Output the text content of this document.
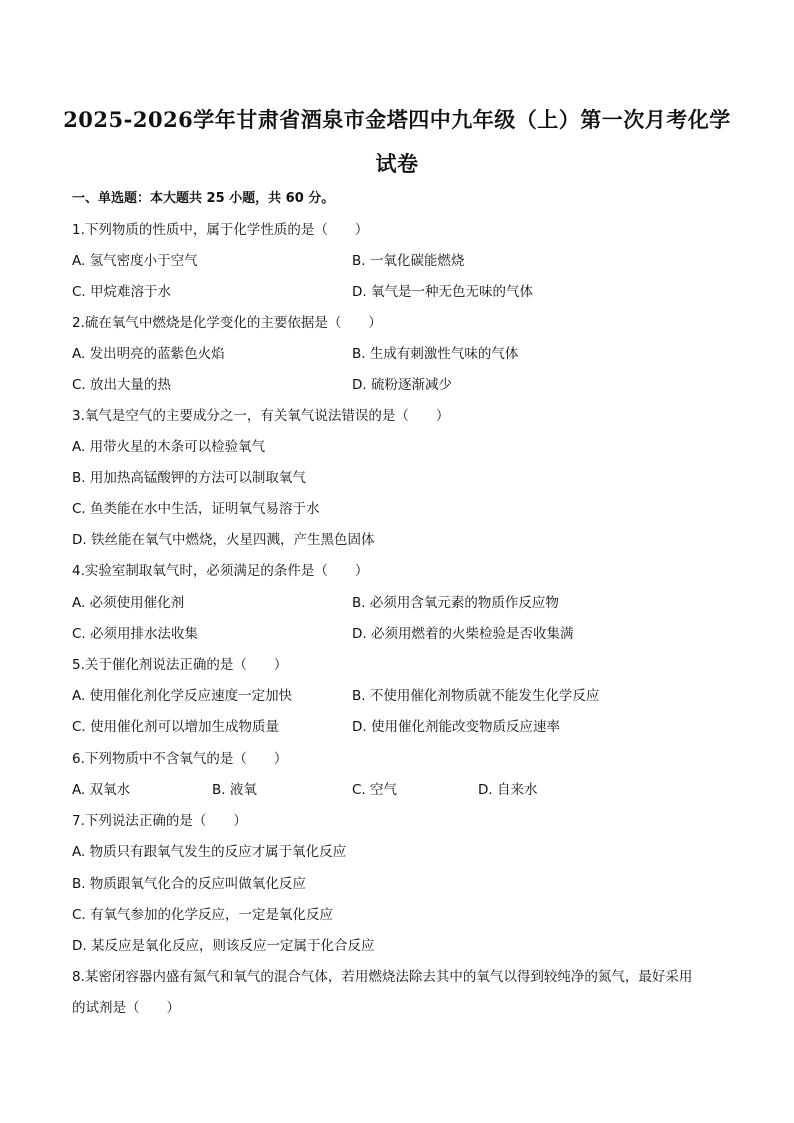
2025-2026学年甘肃省酒泉市金塔四中九年级（上）第一次月考化学
试卷
一、单选题：本大题共 25 小题，共 60 分。
1.下列物质的性质中，属于化学性质的是（　　）
A. 氢气密度小于空气	B. 一氧化碳能燃烧
C. 甲烷难溶于水	D. 氧气是一种无色无味的气体
2.硫在氧气中燃烧是化学变化的主要依据是（　　）
A. 发出明亮的蓝紫色火焰	B. 生成有刺激性气味的气体
C. 放出大量的热	D. 硫粉逐渐减少
3.氧气是空气的主要成分之一，有关氧气说法错误的是（　　）
A. 用带火星的木条可以检验氧气
B. 用加热高锰酸钾的方法可以制取氧气
C. 鱼类能在水中生活，证明氧气易溶于水
D. 铁丝能在氧气中燃烧，火星四溅，产生黑色固体
4.实验室制取氧气时，必须满足的条件是（　　）
A. 必须使用催化剂	B. 必须用含氧元素的物质作反应物
C. 必须用排水法收集	D. 必须用燃着的火柴检验是否收集满
5.关于催化剂说法正确的是（　　）
A. 使用催化剂化学反应速度一定加快	B. 不使用催化剂物质就不能发生化学反应
C. 使用催化剂可以增加生成物质量	D. 使用催化剂能改变物质反应速率
6.下列物质中不含氧气的是（　　）
A. 双氧水	B. 液氧	C. 空气	D. 自来水
7.下列说法正确的是（　　）
A. 物质只有跟氧气发生的反应才属于氧化反应
B. 物质跟氧气化合的反应叫做氧化反应
C. 有氧气参加的化学反应，一定是氧化反应
D. 某反应是氧化反应，则该反应一定属于化合反应
8.某密闭容器内盛有氮气和氧气的混合气体，若用燃烧法除去其中的氧气以得到较纯净的氮气，最好采用
的试剂是（　　）
